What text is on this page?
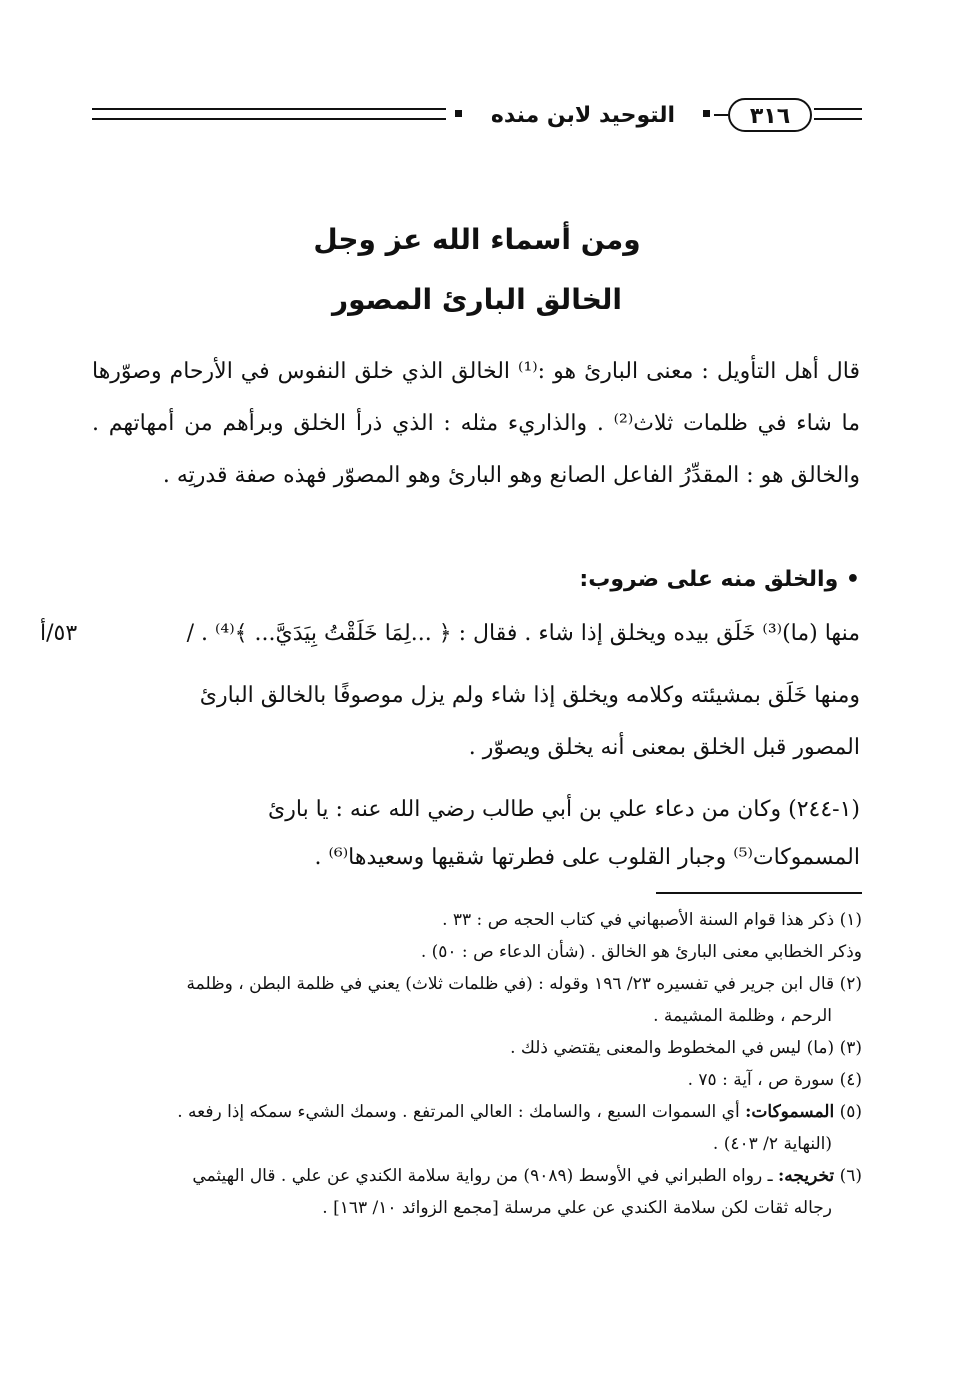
٣١٦
التوحيد لابن منده
ومن أسماء الله عز وجل
الخالق البارئ المصور
قال أهل التأويل : معنى البارئ هو :⁽¹⁾ الخالق الذي خلق النفوس في الأرحام وصوّرها ما شاء في ظلمات ثلاث⁽²⁾ . والذاريء مثله : الذي ذرأ الخلق وبرأهم من أمهاتهم . والخالق هو : المقدِّرُ الفاعل الصانع وهو البارئ وهو المصوّر فهذه صفة قدرتِه .
• والخلق منه على ضروب:
منها (ما)⁽³⁾ خَلَق بيده ويخلق إذا شاء . فقال : ﴿ ...لِمَا خَلَقْتُ بِيَدَيَّ... ﴾⁽⁴⁾ . /
٥٣/أ
ومنها خَلَق بمشيئته وكلامه ويخلق إذا شاء ولم يزل موصوفًا بالخالق البارئ
المصور قبل الخلق بمعنى أنه يخلق ويصوّر .
(١-٢٤٤) وكان من دعاء علي بن أبي طالب رضي الله عنه : يا بارئ
المسموكات⁽⁵⁾ وجبار القلوب على فطرتها شقيها وسعيدها⁽⁶⁾ .
(١) ذكر هذا قوام السنة الأصبهاني في كتاب الحجه ص : ٣٣ .
وذكر الخطابي معنى البارئ هو الخالق . (شأن الدعاء ص : ٥٠) .
(٢) قال ابن جرير في تفسيره ٢٣/ ١٩٦ وقوله : (في ظلمات ثلاث) يعني في ظلمة البطن ، وظلمة
الرحم ، وظلمة المشيمة .
(٣) (ما) ليس في المخطوط والمعنى يقتضي ذلك .
(٤) سورة ص ، آية : ٧٥ .
(٥) المسموكات: أي السموات السبع ، والسامك : العالي المرتفع . وسمك الشيء سمكه إذا رفعه .
(النهاية ٢/ ٤٠٣) .
(٦) تخريجه: ـ رواه الطبراني في الأوسط (٩٠٨٩) من رواية سلامة الكندي عن علي . قال الهيثمي
رجاله ثقات لكن سلامة الكندي عن علي مرسلة [مجمع الزوائد ١٠/ ١٦٣] .
